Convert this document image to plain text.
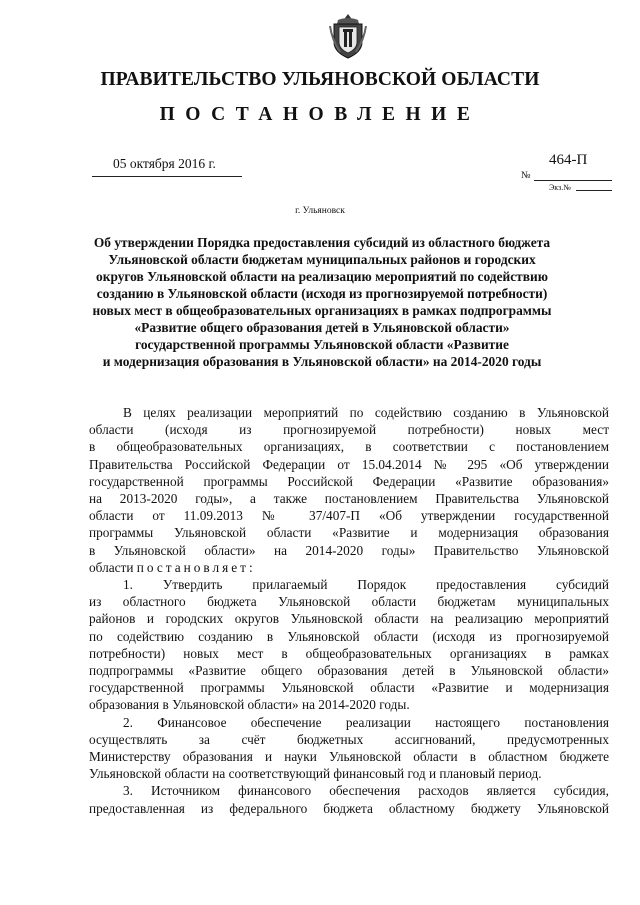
ПРАВИТЕЛЬСТВО УЛЬЯНОВСКОЙ ОБЛАСТИ
ПОСТАНОВЛЕНИЕ
05 октября 2016 г.	464-П
№
Экз.№
г. Ульяновск
Об утверждении Порядка предоставления субсидий из областного бюджета
Ульяновской области бюджетам муниципальных районов и городских
округов Ульяновской области на реализацию мероприятий по содействию
созданию в Ульяновской области (исходя из прогнозируемой потребности)
новых мест в общеобразовательных организациях в рамках подпрограммы
«Развитие общего образования детей в Ульяновской области»
государственной программы Ульяновской области «Развитие
и модернизация образования в Ульяновской области» на 2014-2020 годы
В целях реализации мероприятий по содействию созданию в Ульяновской
области (исходя из прогнозируемой потребности) новых мест
в общеобразовательных организациях, в соответствии с постановлением
Правительства Российской Федерации от 15.04.2014 № 295 «Об утверждении
государственной программы Российской Федерации «Развитие образования»
на 2013-2020 годы», а также постановлением Правительства Ульяновской
области от 11.09.2013 № 37/407-П «Об утверждении государственной
программы Ульяновской области «Развитие и модернизация образования
в Ульяновской области» на 2014-2020 годы» Правительство Ульяновской
области постановляет:
1. Утвердить прилагаемый Порядок предоставления субсидий
из областного бюджета Ульяновской области бюджетам муниципальных
районов и городских округов Ульяновской области на реализацию мероприятий
по содействию созданию в Ульяновской области (исходя из прогнозируемой
потребности) новых мест в общеобразовательных организациях в рамках
подпрограммы «Развитие общего образования детей в Ульяновской области»
государственной программы Ульяновской области «Развитие и модернизация
образования в Ульяновской области» на 2014-2020 годы.
2. Финансовое обеспечение реализации настоящего постановления
осуществлять за счёт бюджетных ассигнований, предусмотренных
Министерству образования и науки Ульяновской области в областном бюджете
Ульяновской области на соответствующий финансовый год и плановый период.
3. Источником финансового обеспечения расходов является субсидия,
предоставленная из федерального бюджета областному бюджету Ульяновской
